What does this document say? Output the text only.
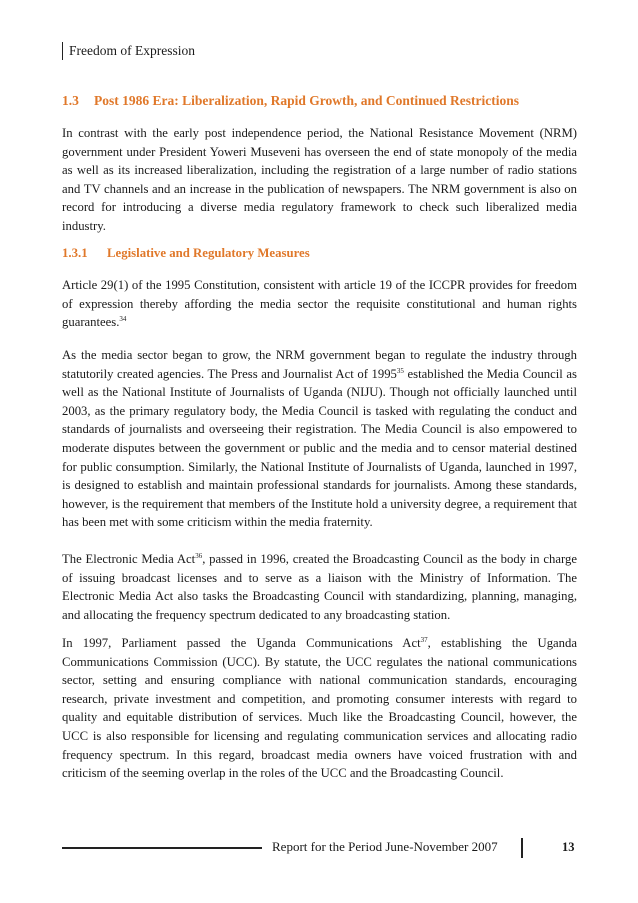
Freedom of Expression
1.3 Post 1986 Era: Liberalization, Rapid Growth, and Continued Restrictions

In contrast with the early post independence period, the National Resistance Movement (NRM) government under President Yoweri Museveni has overseen the end of state monopoly of the media as well as its increased liberalization, including the registration of a large number of radio stations and TV channels and an increase in the publication of newspapers. The NRM government is also on record for introducing a diverse media regulatory framework to check such liberalized media industry.

1.3.1 Legislative and Regulatory Measures

Article 29(1) of the 1995 Constitution, consistent with article 19 of the ICCPR provides for freedom of expression thereby affording the media sector the requisite constitutional and human rights guarantees.$^{34}$

As the media sector began to grow, the NRM government began to regulate the industry through statutorily created agencies. The Press and Journalist Act of 1995$^{35}$ established the Media Council as well as the National Institute of Journalists of Uganda (NIJU). Though not officially launched until 2003, as the primary regulatory body, the Media Council is tasked with regulating the conduct and standards of journalists and overseeing their registration. The Media Council is also empowered to moderate disputes between the government or public and the media and to censor material destined for public consumption. Similarly, the National Institute of Journalists of Uganda, launched in 1997, is designed to establish and maintain professional standards for journalists. Among these standards, however, is the requirement that members of the Institute hold a university degree, a requirement that has been met with some criticism within the media fraternity.

The Electronic Media Act$^{36}$, passed in 1996, created the Broadcasting Council as the body in charge of issuing broadcast licenses and to serve as a liaison with the Ministry of Information. The Electronic Media Act also tasks the Broadcasting Council with standardizing, planning, managing, and allocating the frequency spectrum dedicated to any broadcasting station.

In 1997, Parliament passed the Uganda Communications Act$^{37}$, establishing the Uganda Communications Commission (UCC). By statute, the UCC regulates the national communications sector, setting and ensuring compliance with national communication standards, encouraging research, private investment and competition, and promoting consumer interests with regard to quality and equitable distribution of services. Much like the Broadcasting Council, however, the UCC is also responsible for licensing and regulating communication services and allocating radio frequency spectrum. In this regard, broadcast media owners have voiced frustration with and criticism of the seeming overlap in the roles of the UCC and the Broadcasting Council.

Report for the Period June-November 2007	13
